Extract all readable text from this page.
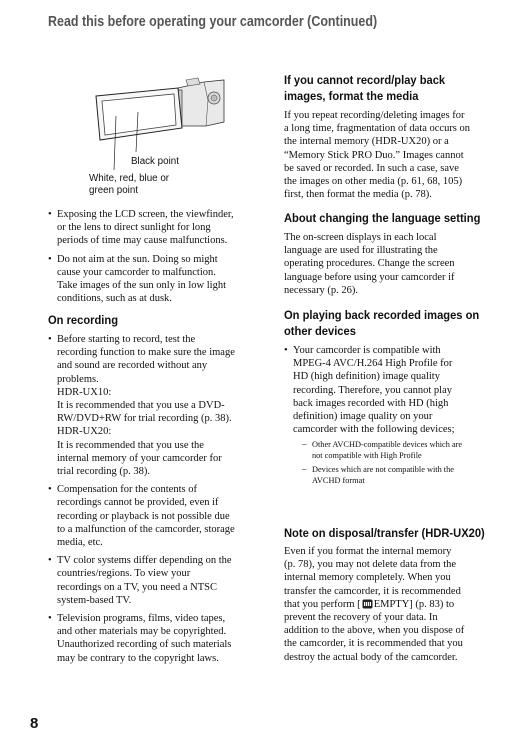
Read this before operating your camcorder (Continued)
Black point
White, red, blue or
green point

• Exposing the LCD screen, the viewfinder,
or the lens to direct sunlight for long
periods of time may cause malfunctions.

• Do not aim at the sun. Doing so might
cause your camcorder to malfunction.
Take images of the sun only in low light
conditions, such as at dusk.

On recording

• Before starting to record, test the
recording function to make sure the image
and sound are recorded without any
problems.
HDR-UX10:
It is recommended that you use a DVD-
RW/DVD+RW for trial recording (p. 38).
HDR-UX20:
It is recommended that you use the
internal memory of your camcorder for
trial recording (p. 38).

• Compensation for the contents of
recordings cannot be provided, even if
recording or playback is not possible due
to a malfunction of the camcorder, storage
media, etc.

• TV color systems differ depending on the
countries/regions. To view your
recordings on a TV, you need a NTSC
system-based TV.

• Television programs, films, video tapes,
and other materials may be copyrighted.
Unauthorized recording of such materials
may be contrary to the copyright laws.

If you cannot record/play back
images, format the media

If you repeat recording/deleting images for
a long time, fragmentation of data occurs on
the internal memory (HDR-UX20) or a
“Memory Stick PRO Duo.” Images cannot
be saved or recorded. In such a case, save
the images on other media (p. 61, 68, 105)
first, then format the media (p. 78).

About changing the language setting

The on-screen displays in each local
language are used for illustrating the
operating procedures. Change the screen
language before using your camcorder if
necessary (p. 26).

On playing back recorded images on
other devices

• Your camcorder is compatible with
MPEG-4 AVC/H.264 High Profile for
HD (high definition) image quality
recording. Therefore, you cannot play
back images recorded with HD (high
definition) image quality on your
camcorder with the following devices;

– Other AVCHD-compatible devices which are
not compatible with High Profile

– Devices which are not compatible with the
AVCHD format

Note on disposal/transfer (HDR-UX20)

Even if you format the internal memory
(p. 78), you may not delete data from the
internal memory completely. When you
transfer the camcorder, it is recommended
that you perform [ EMPTY] (p. 83) to
prevent the recovery of your data. In
addition to the above, when you dispose of
the camcorder, it is recommended that you
destroy the actual body of the camcorder.

8
